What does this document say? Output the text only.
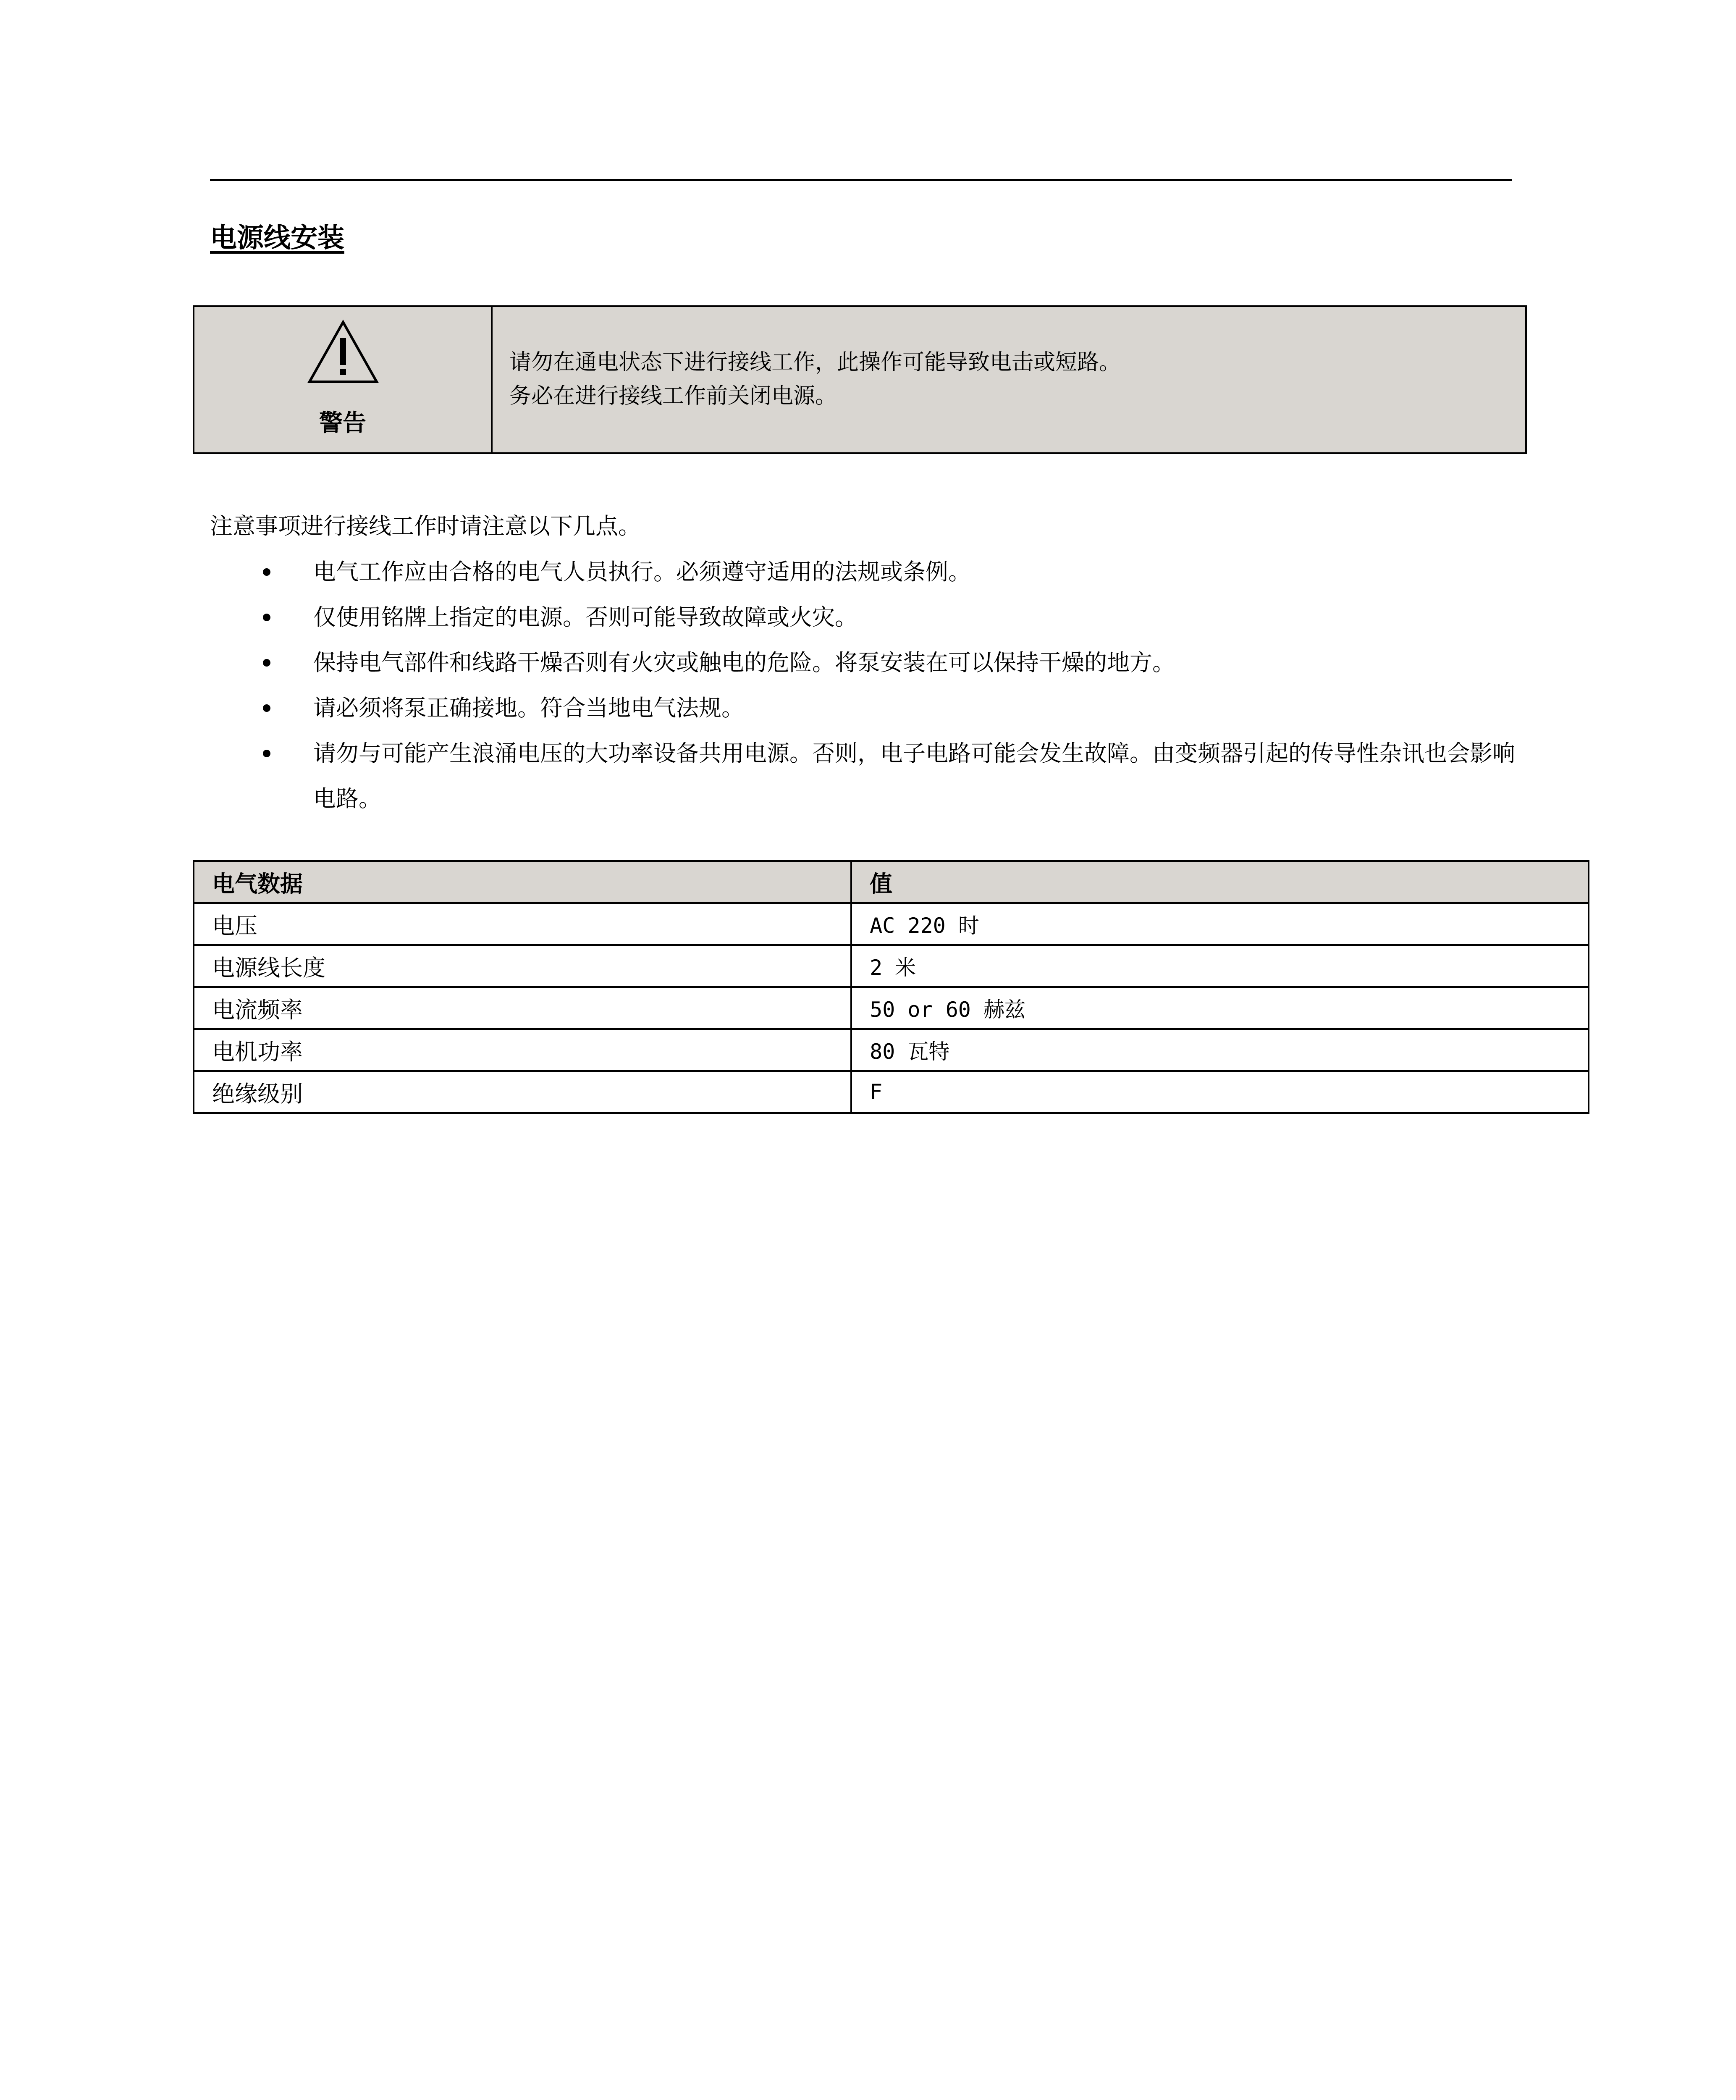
电源线安装
警告
请勿在通电状态下进行接线工作，此操作可能导致电击或短路。
务必在进行接线工作前关闭电源。
注意事项进行接线工作时请注意以下几点。
电气工作应由合格的电气人员执行。必须遵守适用的法规或条例。
仅使用铭牌上指定的电源。否则可能导致故障或火灾。
保持电气部件和线路干燥否则有火灾或触电的危险。将泵安装在可以保持干燥的地方。
请必须将泵正确接地。符合当地电气法规。
请勿与可能产生浪涌电压的大功率设备共用电源。否则，电子电路可能会发生故障。由变频器引起的传导性杂讯也会影响电路。
电气数据	值
电压	AC 220 时
电源线长度	2 米
电流频率	50 or 60 赫兹
电机功率	80 瓦特
绝缘级别	F
